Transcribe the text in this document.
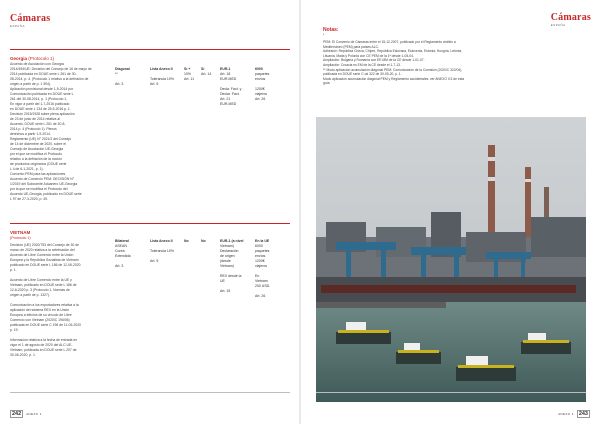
Cámaras
ESPAÑA
Georgia (Protocolo 1)
Acuerdo de Asociación con Georgia
2014/494/UE: Decisión del Consejo de 16 de mayo de
2014 publicada en DOUE serie L 261 de 30-
08-2014, p. 4. (Protocolo 1 relativo a la definición de
origen a partir de p. 1 394).
Aplicación provisional desde 1-9-2014 por
Comunicación publicada en DOUE serie L
261 del 30-08-2014, p. 1 (Protocolo 1,
En vigor a partir del 1-7-2016 publicado
en DOUE serie L 134 de 25-5-2016 p. 1.
Decisión 2015/1928 sobre plena aplicación
de 23 de junio de 2014 relativa al
Acuerdo, DOUE serie L 261 de 30-8-
2014 p. 4 (Protocolo 1). Plenos
derechos a partir 1-9-2014.
Reglamento (UE) N° 2021/2 del Consejo
de 14 de diciembre de 2020, sobre el
Consejo de Asociación UE-Georgia
por el que se modifica el Protocolo
relativo a la definición de la noción
de productos originarios (DOUE serie
L 4 de 6-1-2021, p. 1).
Convenio PEM para las aplicaciones
Acuerdo de Comercio PEM: DECISIÓN N°
1/2019 del Subcomité Aduanero UE-Georgia
por la que se modifica el Protocolo del
Acuerdo UE-Georgia, publicado en DOUE serie
L 97 de 27-3-2020, p. 49.
Diagonal
**

Art. 3
Lista Anexo II

Tolerancia 10%
Art. 5
Sí +
10%
Art. 11
Sí
Art. 14
EUR-1
Art. 18
EUR-MED

Decla. Fact. y
Declar. Fact.
Art. 21
EUR-MED
6000
paquetes
envíos

1200€
viajeros
Art. 26
VIETNAM
(Protocolo 1)
Decisión (UE) 2020/753 del Consejo de 30 de
marzo de 2020 relativa a la celebración del
Acuerdo de Libre Comercio entre la Unión
Europea y la República Socialista de Vietnam
publicado en DOUE serie L 186 de 12-06-2020
p. 1.

Acuerdo de Libre Comercio entre la UE y
Vietnam, publicado en DOUE serie L 186 de
12-6-2020 p. 3 (Protocolo 1, Normas de
origen a partir de p. 1327).

Comunicación a los exportadores relativa a la
aplicación del sistema REX en la Unión
Europea a efectos de su vínculo de Libre
Comercio con Vietnam (2020/C 196/06)
publicada en DOUE serie C 196 de 11-06-2020
p. 19.

Información relativa a la fecha de entrada en
vigor el 1 de agosto de 2020 del ALC UE-
Vietnam, publicada en DOUE serie L 207 de
30-06-2020, p. 1.
Bilateral
ASEAN
Corea
Extendida

Art. 3
Lista Anexo II

Tolerancia 10%

Art. 5
No	No	EUR-1 (a nivel
Vietnam)
Declaración
de origen
(desde
Vietnam)

REX desde la
UE

Art. 15
En la UE
6000
paquetes
envíos
1200€
viajeros

En
Vietnam
200 USD.

Art. 26
242 ANEXO 1
Cámaras
ESPAÑA
Notas:
*
PEM: El Convenio de Cámaras entre el 15-12-2007, publicado por el Reglamento ámbito a
Mediterráneo (PEM) para países ALC.
Adhesión: República Checa, Chipre, República Eslovaca, Eslovenia, Estonia, Hungría, Letonia,
Lituania, Malta y Polonia con CE PEM de la 1ª desde 1-05-04.
Ampliación: Bulgaria y Rumanía con EE.MM de la CE desde 1-01-07.
Ampliación: Croacia es EM de la CE desde el 1-7-13.
** Modo aplicación acumulación diagonal PEM: Comunicación de la Comisión (2020/C 322/04),
publicada en DOUE serie C-od 322 de 30-09-20, p. 1.
Modo aplicación acumulación diagonal PEM y Reglamento accidentales: ver ANEXO II.3 de esta
guía.
ANEXO 1 243
